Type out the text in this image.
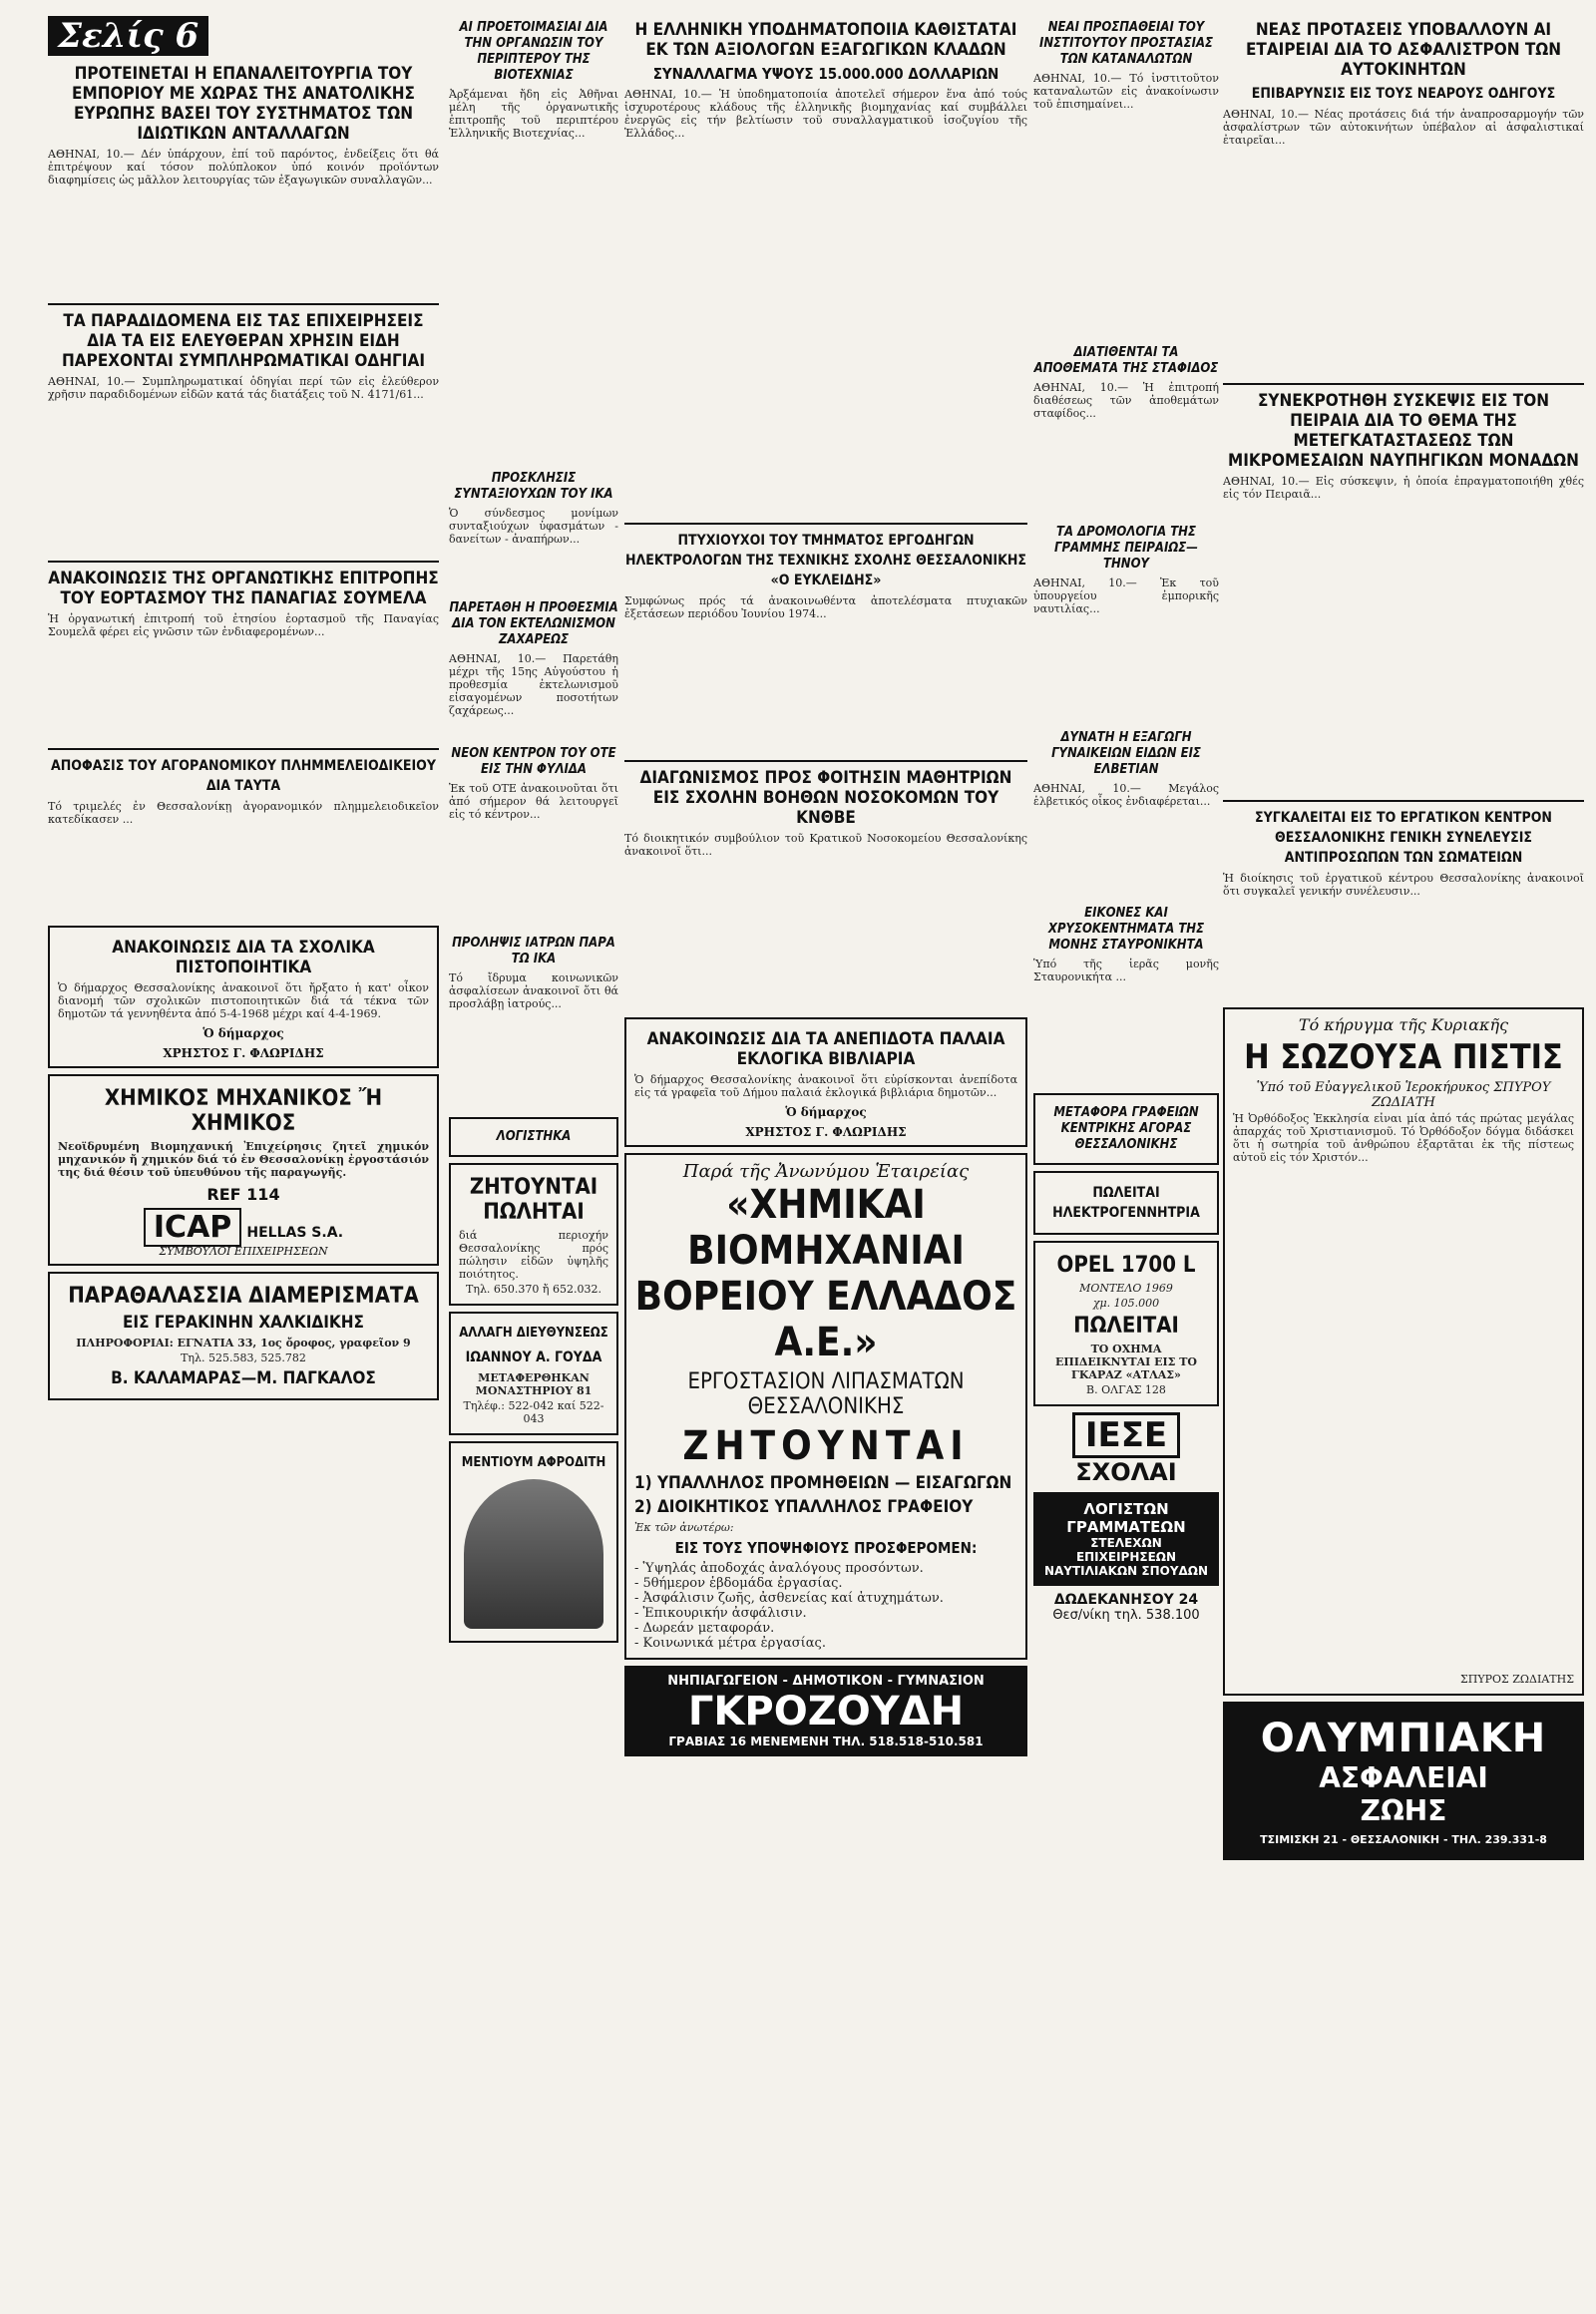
Σελίς 6
ΠΡΟΤΕΙΝΕΤΑΙ Η ΕΠΑΝΑΛΕΙΤΟΥΡΓΙΑ ΤΟΥ ΕΜΠΟΡΙΟΥ ΜΕ ΧΩΡΑΣ ΤΗΣ ΑΝΑΤΟΛΙΚΗΣ ΕΥΡΩΠΗΣ ΒΑΣΕΙ ΤΟΥ ΣΥΣΤΗΜΑΤΟΣ ΤΩΝ ΙΔΙΩΤΙΚΩΝ ΑΝΤΑΛΛΑΓΩΝ
ΑΘΗΝΑΙ, 10.— Δέν ὑπάρχουν, ἐπί τοῦ παρόντος, ἐνδείξεις ὅτι θά ἐπιτρέψουν καί τόσον πολύπλοκον ὑπό κοινόν προϊόντων διαφημίσεις ὡς μᾶλλον λειτουργίας τῶν ἐξαγωγικῶν συναλλαγῶν...
ΤΑ ΠΑΡΑΔΙΔΟΜΕΝΑ ΕΙΣ ΤΑΣ ΕΠΙΧΕΙΡΗΣΕΙΣ ΔΙΑ ΤΑ ΕΙΣ ΕΛΕΥΘΕΡΑΝ ΧΡΗΣΙΝ ΕΙΔΗ ΠΑΡΕΧΟΝΤΑΙ ΣΥΜΠΛΗΡΩΜΑΤΙΚΑΙ ΟΔΗΓΙΑΙ
ΑΘΗΝΑΙ, 10.— Συμπληρωματικαί ὁδηγίαι περί τῶν εἰς ἐλεύθερον χρῆσιν παραδιδομένων εἰδῶν κατά τάς διατάξεις τοῦ Ν. 4171/61...
ΑΝΑΚΟΙΝΩΣΙΣ ΤΗΣ ΟΡΓΑΝΩΤΙΚΗΣ ΕΠΙΤΡΟΠΗΣ ΤΟΥ ΕΟΡΤΑΣΜΟΥ ΤΗΣ ΠΑΝΑΓΙΑΣ ΣΟΥΜΕΛΑ
Ἡ ὀργανωτική ἐπιτροπή τοῦ ἐτησίου ἑορτασμοῦ τῆς Παναγίας Σουμελᾶ φέρει εἰς γνῶσιν τῶν ἐνδιαφερομένων...
ΑΠΟΦΑΣΙΣ ΤΟΥ ΑΓΟΡΑΝΟΜΙΚΟΥ ΠΛΗΜΜΕΛΕΙΟΔΙΚΕΙΟΥ ΔΙΑ ΤΑΥΤΑ
Τό τριμελές ἐν Θεσσαλονίκῃ ἀγορανομικόν πλημμελειοδικεῖον κατεδίκασεν ...
ΑΝΑΚΟΙΝΩΣΙΣ ΔΙΑ ΤΑ ΣΧΟΛΙΚΑ ΠΙΣΤΟΠΟΙΗΤΙΚΑ
Ὁ δήμαρχος Θεσσαλονίκης ἀνακοινοῖ ὅτι ἤρξατο ἡ κατ' οἶκον διανομή τῶν σχολικῶν πιστοποιητικῶν διά τά τέκνα τῶν δημοτῶν τά γεννηθέντα ἀπό 5-4-1968 μέχρι καί 4-4-1969.
Ὁ δήμαρχος
ΧΡΗΣΤΟΣ Γ. ΦΛΩΡΙΔΗΣ
ΧΗΜΙΚΟΣ ΜΗΧΑΝΙΚΟΣ Ἤ ΧΗΜΙΚΟΣ
Νεοϊδρυμένη Βιομηχανική Ἐπιχείρησις ζητεῖ χημικόν μηχανικόν ἤ χημικόν διά τό ἐν Θεσσαλονίκῃ ἐργοστάσιόν της διά θέσιν τοῦ ὑπευθύνου τῆς παραγωγῆς.
REF 114
ICAP HELLAS S.A.
ΣΥΜΒΟΥΛΟΙ ΕΠΙΧΕΙΡΗΣΕΩΝ
ΠΑΡΑΘΑΛΑΣΣΙΑ ΔΙΑΜΕΡΙΣΜΑΤΑ
ΕΙΣ ΓΕΡΑΚΙΝΗΝ ΧΑΛΚΙΔΙΚΗΣ
ΠΛΗΡΟΦΟΡΙΑΙ: ΕΓΝΑΤΙΑ 33, 1ος ὄροφος, γραφεῖον 9
Τηλ. 525.583, 525.782
Β. ΚΑΛΑΜΑΡΑΣ—Μ. ΠΑΓΚΑΛΟΣ
ΑΙ ΠΡΟΕΤΟΙΜΑΣΙΑΙ ΔΙΑ ΤΗΝ ΟΡΓΑΝΩΣΙΝ ΤΟΥ ΠΕΡΙΠΤΕΡΟΥ ΤΗΣ ΒΙΟΤΕΧΝΙΑΣ
Ἀρξάμεναι ἤδη εἰς Ἀθῆναι μέλη τῆς ὀργανωτικῆς ἐπιτροπῆς τοῦ περιπτέρου Ἑλληνικῆς Βιοτεχνίας...
ΠΡΟΣΚΛΗΣΙΣ ΣΥΝΤΑΞΙΟΥΧΩΝ ΤΟΥ ΙΚΑ
Ὁ σύνδεσμος μονίμων συνταξιούχων ὑφασμάτων - δανείτων - ἀναπήρων...
ΠΑΡΕΤΑΘΗ Η ΠΡΟΘΕΣΜΙΑ ΔΙΑ ΤΟΝ ΕΚΤΕΛΩΝΙΣΜΟΝ ΖΑΧΑΡΕΩΣ
ΑΘΗΝΑΙ, 10.— Παρετάθη μέχρι τῆς 15ης Αὐγούστου ἡ προθεσμία ἐκτελωνισμοῦ εἰσαγομένων ποσοτήτων ζαχάρεως...
ΝΕΟΝ ΚΕΝΤΡΟΝ ΤΟΥ ΟΤΕ ΕΙΣ ΤΗΝ ΦΥΛΙΔΑ
Ἐκ τοῦ ΟΤΕ ἀνακοινοῦται ὅτι ἀπό σήμερον θά λειτουργεῖ εἰς τό κέντρον...
ΠΡΟΛΗΨΙΣ ΙΑΤΡΩΝ ΠΑΡΑ ΤΩ ΙΚΑ
Τό ἴδρυμα κοινωνικῶν ἀσφαλίσεων ἀνακοινοῖ ὅτι θά προσλάβῃ ἰατρούς...
ΛΟΓΙΣΤΗΚΑ
ΖΗΤΟΥΝΤΑΙ ΠΩΛΗΤΑΙ
διά περιοχήν Θεσσαλονίκης πρός πώλησιν εἰδῶν ὑψηλῆς ποιότητος.
Τηλ. 650.370 ἤ 652.032.
ΑΛΛΑΓΗ ΔΙΕΥΘΥΝΣΕΩΣ
ΙΩΑΝΝΟΥ Α. ΓΟΥΔΑ
ΜΕΤΑΦΕΡΘΗΚΑΝ ΜΟΝΑΣΤΗΡΙΟΥ 81
Τηλέφ.: 522-042 καί 522-043
ΜΕΝΤΙΟΥΜ ΑΦΡΟΔΙΤΗ
Η ΕΛΛΗΝΙΚΗ ΥΠΟΔΗΜΑΤΟΠΟΙΙΑ ΚΑΘΙΣΤΑΤΑΙ ΕΚ ΤΩΝ ΑΞΙΟΛΟΓΩΝ ΕΞΑΓΩΓΙΚΩΝ ΚΛΑΔΩΝ
ΣΥΝΑΛΛΑΓΜΑ ΥΨΟΥΣ 15.000.000 ΔΟΛΛΑΡΙΩΝ
ΑΘΗΝΑΙ, 10.— Ἡ ὑποδηματοποιία ἀποτελεῖ σήμερον ἕνα ἀπό τούς ἰσχυροτέρους κλάδους τῆς ἑλληνικῆς βιομηχανίας καί συμβάλλει ἐνεργῶς εἰς τήν βελτίωσιν τοῦ συναλλαγματικοῦ ἰσοζυγίου τῆς Ἑλλάδος...
ΠΤΥΧΙΟΥΧΟΙ ΤΟΥ ΤΜΗΜΑΤΟΣ ΕΡΓΟΔΗΓΩΝ ΗΛΕΚΤΡΟΛΟΓΩΝ ΤΗΣ ΤΕΧΝΙΚΗΣ ΣΧΟΛΗΣ ΘΕΣΣΑΛΟΝΙΚΗΣ «Ο ΕΥΚΛΕΙΔΗΣ»
Συμφώνως πρός τά ἀνακοινωθέντα ἀποτελέσματα πτυχιακῶν ἐξετάσεων περιόδου Ἰουνίου 1974...
ΔΙΑΓΩΝΙΣΜΟΣ ΠΡΟΣ ΦΟΙΤΗΣΙΝ ΜΑΘΗΤΡΙΩΝ ΕΙΣ ΣΧΟΛΗΝ ΒΟΗΘΩΝ ΝΟΣΟΚΟΜΩΝ ΤΟΥ ΚΝΘΒΕ
Τό διοικητικόν συμβούλιον τοῦ Κρατικοῦ Νοσοκομείου Θεσσαλονίκης ἀνακοινοῖ ὅτι...
ΑΝΑΚΟΙΝΩΣΙΣ ΔΙΑ ΤΑ ΑΝΕΠΙΔΟΤΑ ΠΑΛΑΙΑ ΕΚΛΟΓΙΚΑ ΒΙΒΛΙΑΡΙΑ
Ὁ δήμαρχος Θεσσαλονίκης ἀνακοινοῖ ὅτι εὑρίσκονται ἀνεπίδοτα εἰς τά γραφεῖα τοῦ Δήμου παλαιά ἐκλογικά βιβλιάρια δημοτῶν...
Ὁ δήμαρχος
ΧΡΗΣΤΟΣ Γ. ΦΛΩΡΙΔΗΣ
Παρά τῆς Ἀνωνύμου Ἑταιρείας
«ΧΗΜΙΚΑΙ ΒΙΟΜΗΧΑΝΙΑΙ
ΒΟΡΕΙΟΥ ΕΛΛΑΔΟΣ Α.Ε.»
ΕΡΓΟΣΤΑΣΙΟΝ ΛΙΠΑΣΜΑΤΩΝ ΘΕΣΣΑΛΟΝΙΚΗΣ
ΖΗΤΟΥΝΤΑΙ
1) ΥΠΑΛΛΗΛΟΣ ΠΡΟΜΗΘΕΙΩΝ — ΕΙΣΑΓΩΓΩΝ
2) ΔΙΟΙΚΗΤΙΚΟΣ ΥΠΑΛΛΗΛΟΣ ΓΡΑΦΕΙΟΥ
Ἐκ τῶν ἀνωτέρω:
ΕΙΣ ΤΟΥΣ ΥΠΟΨΗΦΙΟΥΣ ΠΡΟΣΦΕΡΟΜΕΝ:
- Ὑψηλάς ἀποδοχάς ἀναλόγους προσόντων.
- 5θήμερον ἑβδομάδα ἐργασίας.
- Ἀσφάλισιν ζωῆς, ἀσθενείας καί ἀτυχημάτων.
- Ἐπικουρικήν ἀσφάλισιν.
- Δωρεάν μεταφοράν.
- Κοινωνικά μέτρα ἐργασίας.
ΝΗΠΙΑΓΩΓΕΙΟΝ - ΔΗΜΟΤΙΚΟΝ - ΓΥΜΝΑΣΙΟΝ
ΓΚΡΟΖΟΥΔΗ
ΓΡΑΒΙΑΣ 16 ΜΕΝΕΜΕΝΗ ΤΗΛ. 518.518-510.581
ΝΕΑΙ ΠΡΟΣΠΑΘΕΙΑΙ ΤΟΥ ΙΝΣΤΙΤΟΥΤΟΥ ΠΡΟΣΤΑΣΙΑΣ ΤΩΝ ΚΑΤΑΝΑΛΩΤΩΝ
ΑΘΗΝΑΙ, 10.— Τό ἰνστιτοῦτον καταναλωτῶν εἰς ἀνακοίνωσιν τοῦ ἐπισημαίνει...
ΔΙΑΤΙΘΕΝΤΑΙ ΤΑ ΑΠΟΘΕΜΑΤΑ ΤΗΣ ΣΤΑΦΙΔΟΣ
ΑΘΗΝΑΙ, 10.— Ἡ ἐπιτροπή διαθέσεως τῶν ἀποθεμάτων σταφίδος...
ΤΑ ΔΡΟΜΟΛΟΓΙΑ ΤΗΣ ΓΡΑΜΜΗΣ ΠΕΙΡΑΙΩΣ—ΤΗΝΟΥ
ΑΘΗΝΑΙ, 10.— Ἐκ τοῦ ὑπουργείου ἐμπορικῆς ναυτιλίας...
ΔΥΝΑΤΗ Η ΕΞΑΓΩΓΗ ΓΥΝΑΙΚΕΙΩΝ ΕΙΔΩΝ ΕΙΣ ΕΛΒΕΤΙΑΝ
ΑΘΗΝΑΙ, 10.— Μεγάλος ἑλβετικός οἶκος ἐνδιαφέρεται...
ΕΙΚΟΝΕΣ ΚΑΙ ΧΡΥΣΟΚΕΝΤΗΜΑΤΑ ΤΗΣ ΜΟΝΗΣ ΣΤΑΥΡΟΝΙΚΗΤΑ
Ὑπό τῆς ἱερᾶς μονῆς Σταυρονικήτα ...
ΜΕΤΑΦΟΡΑ ΓΡΑΦΕΙΩΝ ΚΕΝΤΡΙΚΗΣ ΑΓΟΡΑΣ ΘΕΣΣΑΛΟΝΙΚΗΣ
ΠΩΛΕΙΤΑΙ ΗΛΕΚΤΡΟΓΕΝΝΗΤΡΙΑ
OPEL 1700 L
ΜΟΝΤΕΛΟ 1969
χμ. 105.000
ΠΩΛΕΙΤΑΙ
ΤΟ ΟΧΗΜΑ ΕΠΙΔΕΙΚΝΥΤΑΙ ΕΙΣ ΤΟ ΓΚΑΡΑΖ «ΑΤΛΑΣ»
Β. ΟΛΓΑΣ 128
ΙΕΣΕ
ΣΧΟΛΑΙ
ΛΟΓΙΣΤΩΝ ΓΡΑΜΜΑΤΕΩΝ
ΣΤΕΛΕΧΩΝ ΕΠΙΧΕΙΡΗΣΕΩΝ ΝΑΥΤΙΛΙΑΚΩΝ ΣΠΟΥΔΩΝ
ΔΩΔΕΚΑΝΗΣΟΥ 24
Θεσ/νίκη τηλ. 538.100
ΝΕΑΣ ΠΡΟΤΑΣΕΙΣ ΥΠΟΒΑΛΛΟΥΝ ΑΙ ΕΤΑΙΡΕΙΑΙ ΔΙΑ ΤΟ ΑΣΦΑΛΙΣΤΡΟΝ ΤΩΝ ΑΥΤΟΚΙΝΗΤΩΝ
ΕΠΙΒΑΡΥΝΣΙΣ ΕΙΣ ΤΟΥΣ ΝΕΑΡΟΥΣ ΟΔΗΓΟΥΣ
ΑΘΗΝΑΙ, 10.— Νέας προτάσεις διά τήν ἀναπροσαρμογήν τῶν ἀσφαλίστρων τῶν αὐτοκινήτων ὑπέβαλον αἱ ἀσφαλιστικαί ἐταιρεῖαι...
ΣΥΝΕΚΡΟΤΗΘΗ ΣΥΣΚΕΨΙΣ ΕΙΣ ΤΟΝ ΠΕΙΡΑΙΑ ΔΙΑ ΤΟ ΘΕΜΑ ΤΗΣ ΜΕΤΕΓΚΑΤΑΣΤΑΣΕΩΣ ΤΩΝ ΜΙΚΡΟΜΕΣΑΙΩΝ ΝΑΥΠΗΓΙΚΩΝ ΜΟΝΑΔΩΝ
ΑΘΗΝΑΙ, 10.— Εἰς σύσκεψιν, ἡ ὁποία ἐπραγματοποιήθη χθές εἰς τόν Πειραιᾶ...
ΣΥΓΚΑΛΕΙΤΑΙ ΕΙΣ ΤΟ ΕΡΓΑΤΙΚΟΝ ΚΕΝΤΡΟΝ ΘΕΣΣΑΛΟΝΙΚΗΣ ΓΕΝΙΚΗ ΣΥΝΕΛΕΥΣΙΣ ΑΝΤΙΠΡΟΣΩΠΩΝ ΤΩΝ ΣΩΜΑΤΕΙΩΝ
Ἡ διοίκησις τοῦ ἐργατικοῦ κέντρου Θεσσαλονίκης ἀνακοινοῖ ὅτι συγκαλεῖ γενικήν συνέλευσιν...
Τό κήρυγμα τῆς Κυριακῆς
Η ΣΩΖΟΥΣΑ ΠΙΣΤΙΣ
Ὑπό τοῦ Εὐαγγελικοῦ Ἱεροκήρυκος ΣΠΥΡΟΥ ΖΩΔΙΑΤΗ
Ἡ Ὀρθόδοξος Ἐκκλησία εἶναι μία ἀπό τάς πρώτας μεγάλας ἀπαρχάς τοῦ Χριστιανισμοῦ. Τό Ὀρθόδοξον δόγμα διδάσκει ὅτι ἡ σωτηρία τοῦ ἀνθρώπου ἐξαρτᾶται ἐκ τῆς πίστεως αὐτοῦ εἰς τόν Χριστόν...
ΣΠΥΡΟΣ ΖΩΔΙΑΤΗΣ
ΟΛΥΜΠΙΑΚΗ
ΑΣΦΑΛΕΙΑΙ
ΖΩΗΣ
ΤΣΙΜΙΣΚΗ 21 - ΘΕΣΣΑΛΟΝΙΚΗ - ΤΗΛ. 239.331-8
